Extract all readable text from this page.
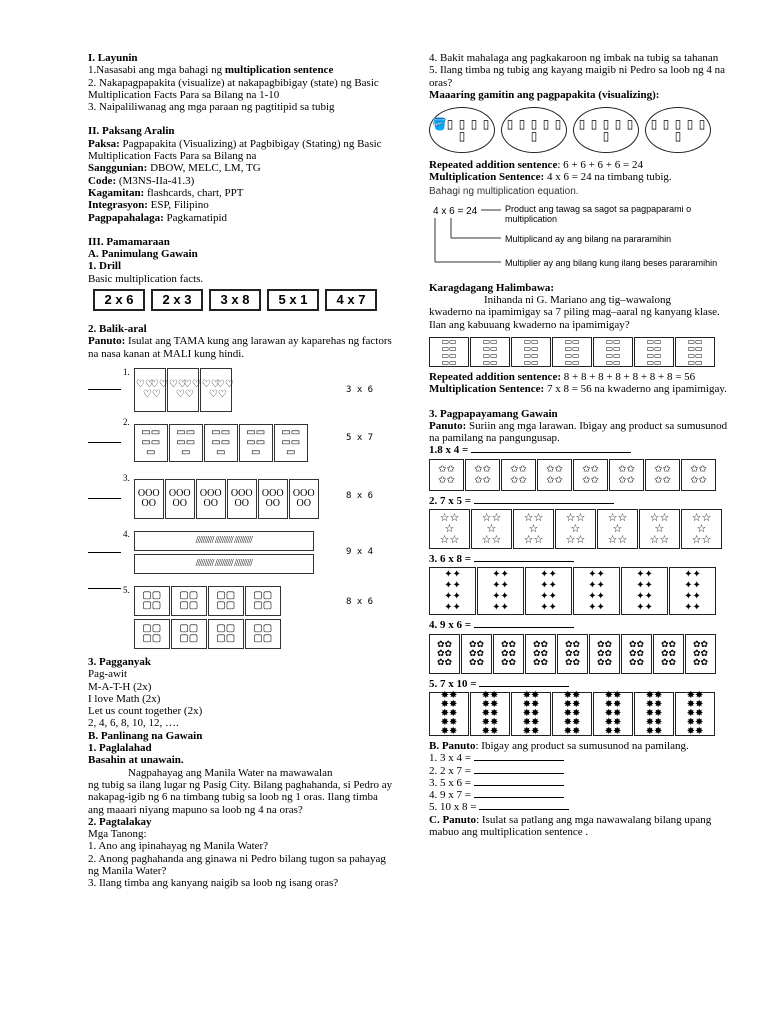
I. Layunin

1.Nasasabi ang mga bahagi ng multiplication sentence

2. Nakapagpapakita (visualize) at nakapagbibigay (state) ng Basic Multiplication Facts Para sa Bilang na 1-10

3. Naipaliliwanag ang mga paraan ng pagtitipid sa tubig

II. Paksang Aralin

Paksa: Pagpapakita (Visualizing) at Pagbibigay (Stating) ng Basic Multiplication Facts Para sa Bilang na

Sanggunian: DBOW, MELC, LM, TG

Code: (M3NS-IIa-41.3)

Kagamitan: flashcards, chart, PPT

Integrasyon: ESP, Filipino

Pagpapahalaga: Pagkamatipid

III. Pamamaraan

A. Panimulang Gawain

1. Drill

Basic multiplication facts.

2 x 6	2 x 3	3 x 8	5 x 1	4 x 7

2. Balik-aral

Panuto: Isulat ang TAMA kung ang larawan ay kaparehas ng factors na nasa kanan at MALI kung hindi.

1.
♡♡
♡♡
♡♡
♡♡
♡♡
♡♡
♡♡
♡♡
♡♡	3 x 6
2.
▭▭
▭▭
▭
▭▭
▭▭
▭
▭▭
▭▭
▭
▭▭
▭▭
▭
▭▭
▭▭
▭
5 x 7
3.
OOO
OO
OOO
OO
OOO
OO
OOO
OO
OOO
OO
OOO
OO
8 x 6
4.
////////// ////////// //////////
////////// ////////// //////////
9 x 4
5. ▢▢
▢▢
▢▢
▢▢
▢▢
▢▢
▢▢
▢▢
▢▢
▢▢
▢▢
▢▢
▢▢
▢▢
▢▢
▢▢
8 x 6

3. Pagganyak

Pag-awit

M-A-T-H (2x)

I love Math (2x)

Let us count together (2x)

2, 4, 6, 8, 10, 12, ….

B. Panlinang na Gawain

1. Paglalahad

Basahin at unawain.

Nagpahayag ang Manila Water na mawawalan

ng tubig sa ilang lugar ng Pasig City. Bilang paghahanda, si Pedro ay nakapag-igib ng 6 na timbang tubig sa loob ng 1 oras. Ilang timba ang maaari niyang mapuno sa loob ng 4 na oras?

2. Pagtalakay

Mga Tanong:

1. Ano ang ipinahayag ng Manila Water?

2. Anong paghahanda ang ginawa ni Pedro bilang tugon sa pahayag ng Manila Water?

3. Ilang timba ang kanyang naigib sa loob ng isang oras?

4. Bakit mahalaga ang pagkakaroon ng imbak na tubig sa tahanan

5. Ilang timba ng tubig ang kayang maigib ni Pedro sa loob ng 4 na oras?

Maaaring gamitin ang pagpapakita (visualizing):

🪣 ▯ ▯ ▯ ▯
▯
▯ ▯ ▯ ▯ ▯
▯
▯ ▯ ▯ ▯ ▯
▯
▯ ▯ ▯ ▯ ▯
▯

Repeated addition sentence: 6 + 6 + 6 + 6 = 24

Multiplication Sentence: 4 x 6 = 24 na timbang tubig.

Bahagi ng multiplication equation.
4 x 6 = 24	Product ang tawag sa sagot sa pagpaparami o multiplication
Multiplicand ay ang bilang na pararamihin
Multiplier ay ang bilang kung ilang beses pararamihin

Karagdagang Halimbawa:

Inihanda ni G. Mariano ang tig–wawalong

kwaderno na ipamimigay sa 7 piling mag–aaral ng kanyang klase. Ilan ang kabuuang kwaderno na ipamimigay?

▭▭
▭▭
▭▭
▭▭
▭▭
▭▭
▭▭
▭▭
▭▭
▭▭
▭▭
▭▭
▭▭
▭▭
▭▭
▭▭
▭▭
▭▭
▭▭
▭▭
▭▭
▭▭
▭▭
▭▭
▭▭
▭▭
▭▭
▭▭

Repeated addition sentence: 8 + 8 + 8 + 8 + 8 + 8 + 8 = 56

Multiplication Sentence: 7 x 8 = 56 na kwaderno ang ipamimigay.

3. Pagpapayamang Gawain

Panuto: Suriin ang mga larawan. Ibigay ang product sa sumusunod na pamilang na pangungusap.

1.8 x 4 =

✩✩
✩✩
✩✩
✩✩
✩✩
✩✩
✩✩
✩✩
✩✩
✩✩
✩✩
✩✩
✩✩
✩✩
✩✩
✩✩

2. 7 x 5 =

☆☆
☆
☆☆
☆☆
☆
☆☆
☆☆
☆
☆☆
☆☆
☆
☆☆
☆☆
☆
☆☆
☆☆
☆
☆☆
☆☆
☆
☆☆

3. 6 x 8 =

✦✦
✦✦
✦✦
✦✦
✦✦
✦✦
✦✦
✦✦
✦✦
✦✦
✦✦
✦✦
✦✦
✦✦
✦✦
✦✦
✦✦
✦✦
✦✦
✦✦
✦✦
✦✦
✦✦
✦✦

4. 9 x 6 =

✿✿
✿✿
✿✿
✿✿
✿✿
✿✿
✿✿
✿✿
✿✿
✿✿
✿✿
✿✿
✿✿
✿✿
✿✿
✿✿
✿✿
✿✿
✿✿
✿✿
✿✿
✿✿
✿✿
✿✿
✿✿
✿✿
✿✿

5. 7 x 10 =

✸✸
✸✸
✸✸
✸✸
✸✸
✸✸
✸✸
✸✸
✸✸
✸✸
✸✸
✸✸
✸✸
✸✸
✸✸
✸✸
✸✸
✸✸
✸✸
✸✸
✸✸
✸✸
✸✸
✸✸
✸✸
✸✸
✸✸
✸✸
✸✸
✸✸
✸✸
✸✸
✸✸
✸✸
✸✸

B. Panuto: Ibigay ang product sa sumusunod na pamilang.

1. 3 x 4 =

2. 2 x 7 =

3. 5 x 6 =

4. 9 x 7 =

5. 10 x 8 =

C. Panuto: Isulat sa patlang ang mga nawawalang bilang upang mabuo ang multiplication sentence .
